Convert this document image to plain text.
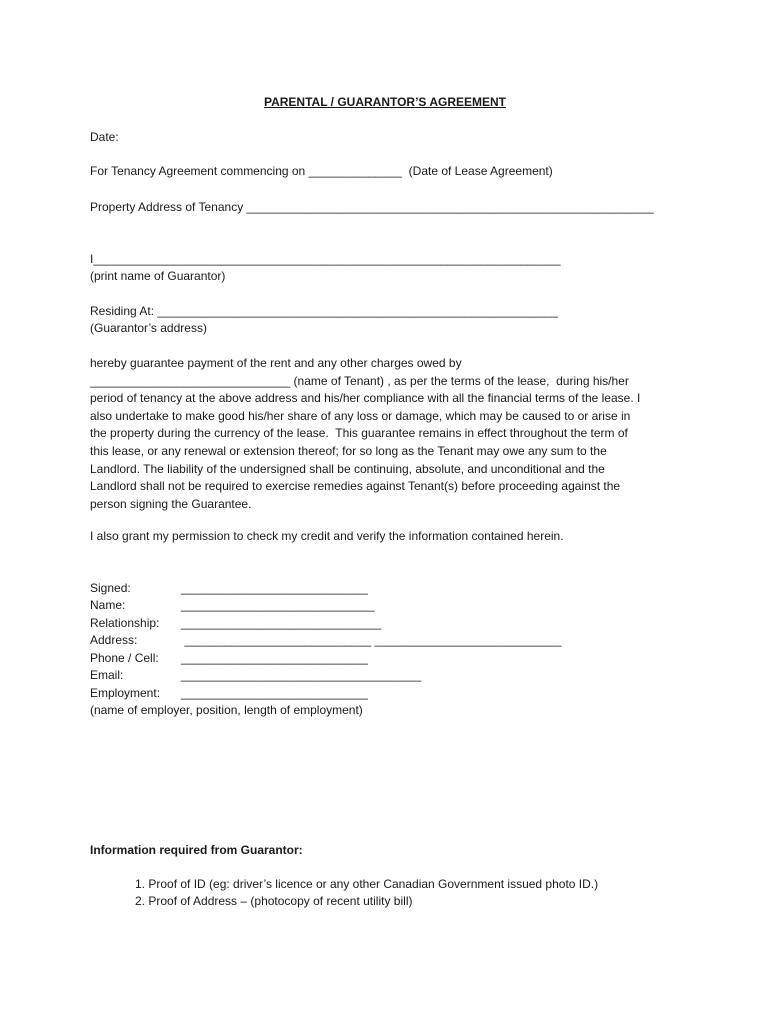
PARENTAL / GUARANTOR’S AGREEMENT
Date:
For Tenancy Agreement commencing on ______________  (Date of Lease Agreement)
Property Address of Tenancy _____________________________________________________________
I______________________________________________________________________
(print name of Guarantor)
Residing At: ____________________________________________________________
(Guarantor’s address)
hereby guarantee payment of the rent and any other charges owed by
______________________________ (name of Tenant) , as per the terms of the lease,  during his/her
period of tenancy at the above address and his/her compliance with all the financial terms of the lease. I
also undertake to make good his/her share of any loss or damage, which may be caused to or arise in
the property during the currency of the lease.  This guarantee remains in effect throughout the term of
this lease, or any renewal or extension thereof; for so long as the Tenant may owe any sum to the
Landlord. The liability of the undersigned shall be continuing, absolute, and unconditional and the
Landlord shall not be required to exercise remedies against Tenant(s) before proceeding against the
person signing the Guarantee.
I also grant my permission to check my credit and verify the information contained herein.
Signed:	____________________________
Name:	_____________________________
Relationship: ______________________________
Address:	____________________________ ____________________________
Phone / Cell: ____________________________
Email:	____________________________________
Employment: ____________________________
(name of employer, position, length of employment)
Information required from Guarantor:
1. Proof of ID (eg: driver’s licence or any other Canadian Government issued photo ID.)
2. Proof of Address – (photocopy of recent utility bill)
